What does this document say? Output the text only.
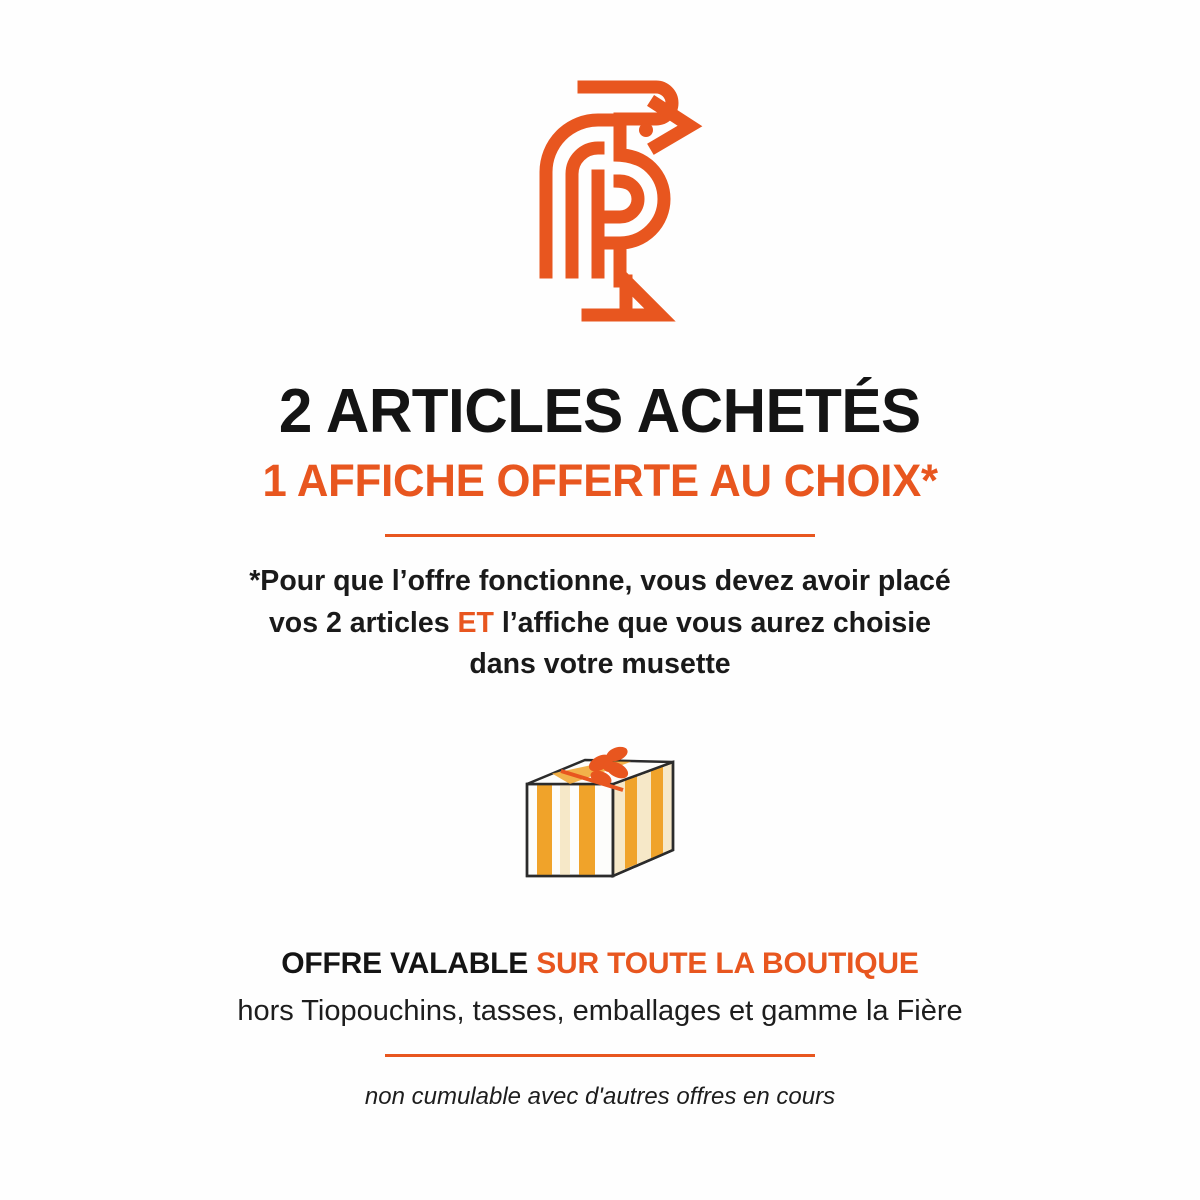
2 ARTICLES ACHETÉS
1 AFFICHE OFFERTE AU CHOIX*
*Pour que l’offre fonctionne, vous devez avoir placé vos 2 articles ET l’affiche que vous aurez choisie dans votre musette
OFFRE VALABLE SUR TOUTE LA BOUTIQUE
hors Tiopouchins, tasses, emballages et gamme la Fière
non cumulable avec d'autres offres en cours
